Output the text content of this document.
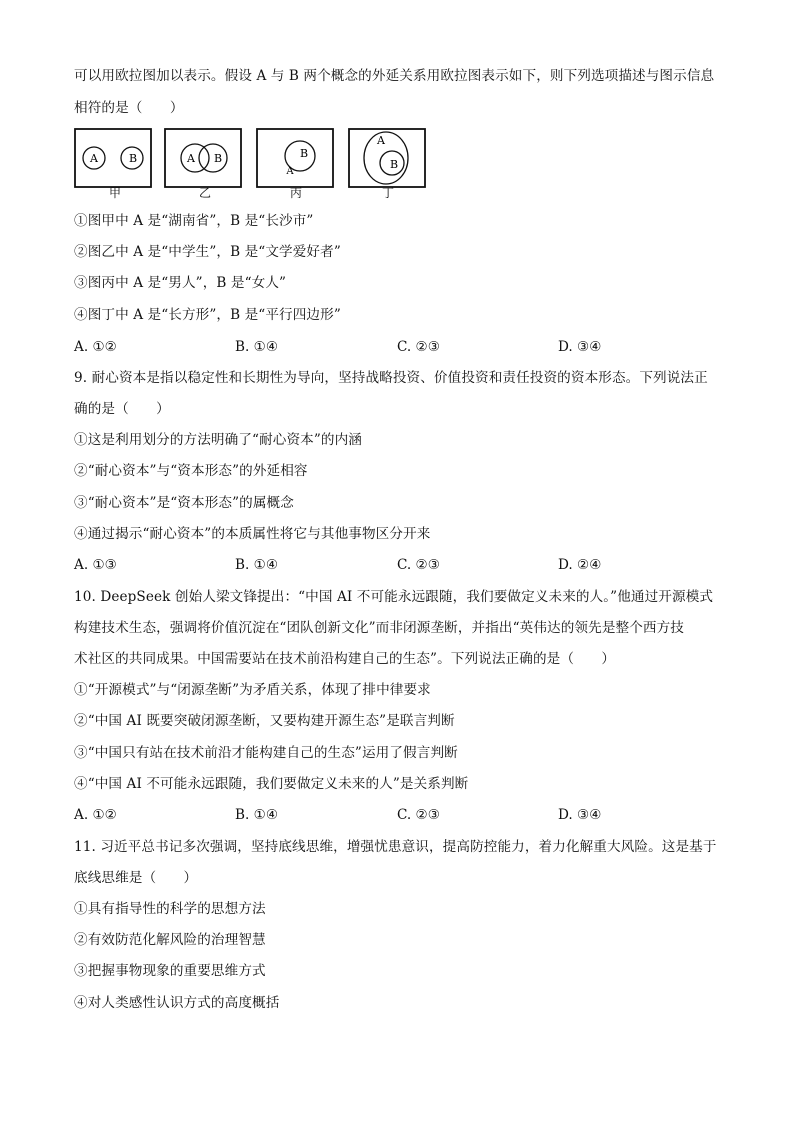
可以用欧拉图加以表示。假设 A 与 B 两个概念的外延关系用欧拉图表示如下，则下列选项描述与图示信息
相符的是（　　）
A	B
甲
A B
乙
B
A
丙
A
B
丁
①图甲中 A 是“湖南省”，B 是“长沙市”
②图乙中 A 是“中学生”，B 是“文学爱好者”
③图丙中 A 是“男人”，B 是“女人”
④图丁中 A 是“长方形”，B 是“平行四边形”
A. ①②	B. ①④	C. ②③	D. ③④
9. 耐心资本是指以稳定性和长期性为导向，坚持战略投资、价值投资和责任投资的资本形态。下列说法正
确的是（　　）
①这是利用划分的方法明确了“耐心资本”的内涵
②“耐心资本”与“资本形态”的外延相容
③“耐心资本”是“资本形态”的属概念
④通过揭示“耐心资本”的本质属性将它与其他事物区分开来
A. ①③	B. ①④	C. ②③	D. ②④
10. DeepSeek 创始人梁文锋提出：“中国 AI 不可能永远跟随，我们要做定义未来的人。”他通过开源模式
构建技术生态，强调将价值沉淀在“团队创新文化”而非闭源垄断，并指出“英伟达的领先是整个西方技
术社区的共同成果。中国需要站在技术前沿构建自己的生态”。下列说法正确的是（　　）
①“开源模式”与“闭源垄断”为矛盾关系，体现了排中律要求
②“中国 AI 既要突破闭源垄断，又要构建开源生态”是联言判断
③“中国只有站在技术前沿才能构建自己的生态”运用了假言判断
④“中国 AI 不可能永远跟随，我们要做定义未来的人”是关系判断
A. ①②	B. ①④	C. ②③	D. ③④
11. 习近平总书记多次强调，坚持底线思维，增强忧患意识，提高防控能力，着力化解重大风险。这是基于
底线思维是（　　）
①具有指导性的科学的思想方法
②有效防范化解风险的治理智慧
③把握事物现象的重要思维方式
④对人类感性认识方式的高度概括
